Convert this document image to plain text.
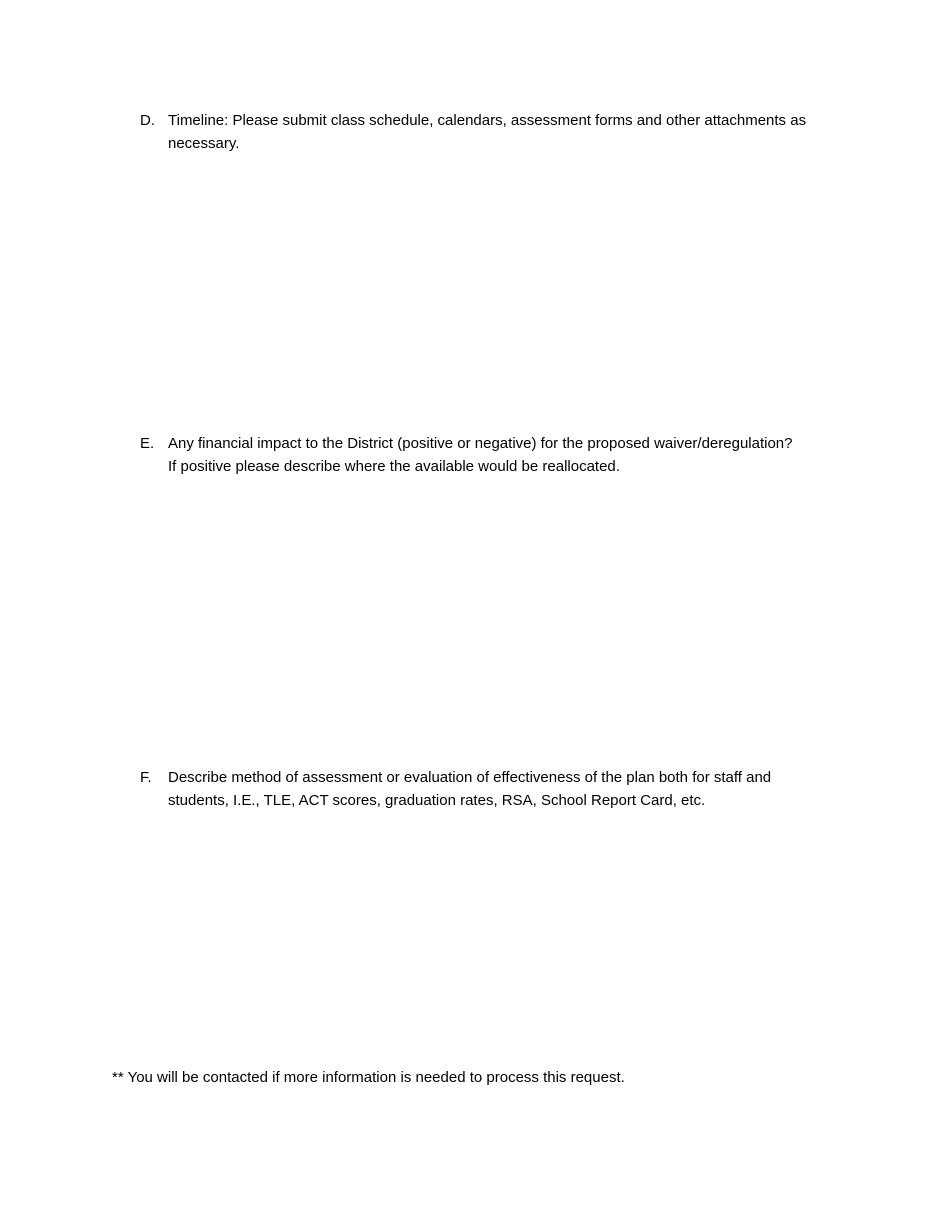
D. Timeline: Please submit class schedule, calendars, assessment forms and other attachments as
necessary.
E. Any financial impact to the District (positive or negative) for the proposed waiver/deregulation?
If positive please describe where the available would be reallocated.
F.	Describe method of assessment or evaluation of effectiveness of the plan both for staff and
students, I.E., TLE, ACT scores, graduation rates, RSA, School Report Card, etc.
** You will be contacted if more information is needed to process this request.
